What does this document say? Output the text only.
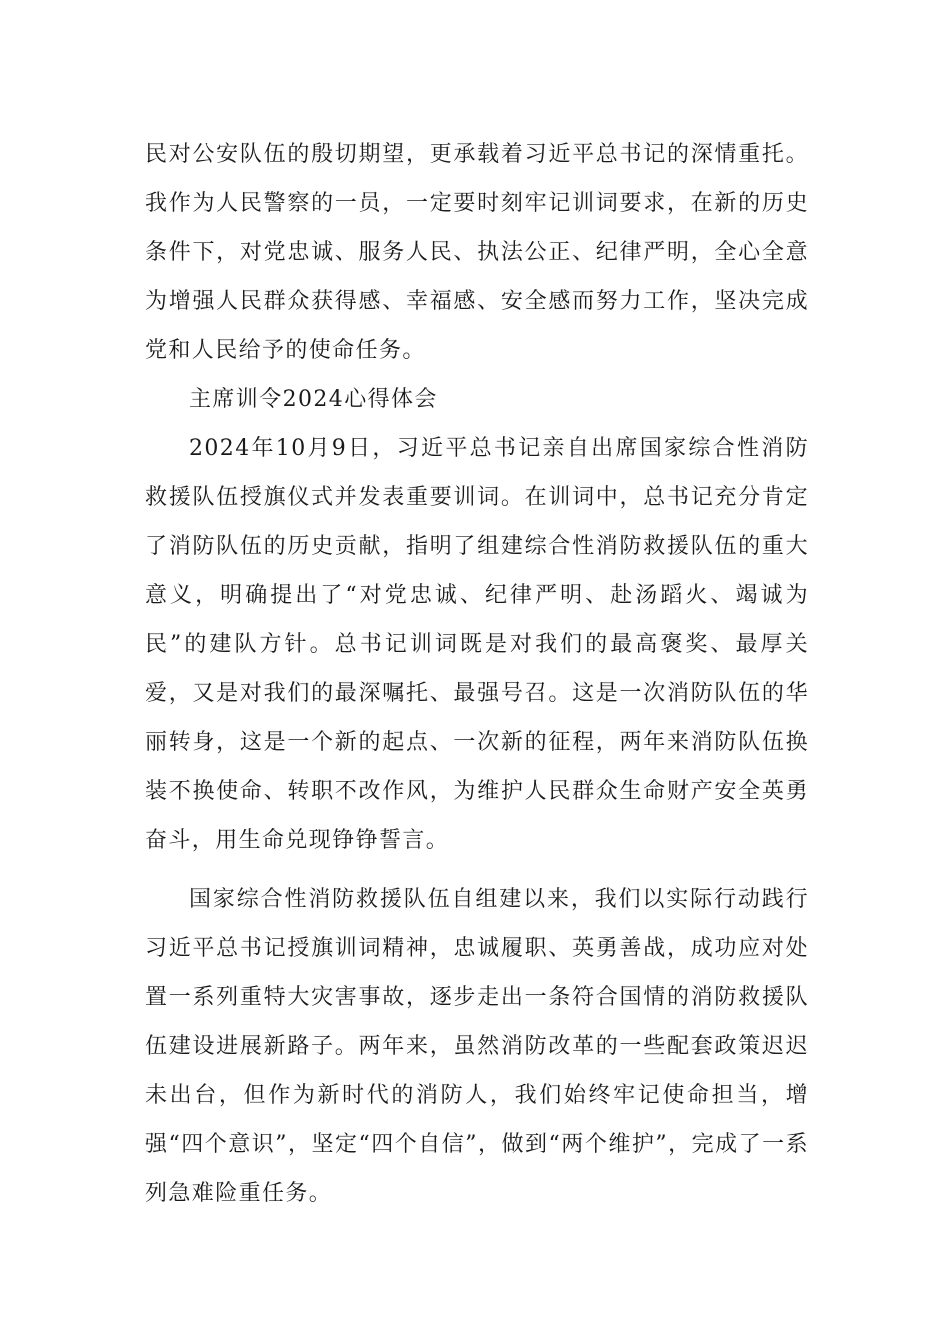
民对公安队伍的殷切期望，更承载着习近平总书记的深情重托。我作为人民警察的一员，一定要时刻牢记训词要求，在新的历史条件下，对党忠诚、服务人民、执法公正、纪律严明，全心全意为增强人民群众获得感、幸福感、安全感而努力工作，坚决完成党和人民给予的使命任务。

主席训令2024心得体会

2024年10月9日，习近平总书记亲自出席国家综合性消防救援队伍授旗仪式并发表重要训词。在训词中，总书记充分肯定了消防队伍的历史贡献，指明了组建综合性消防救援队伍的重大意义，明确提出了“对党忠诚、纪律严明、赴汤蹈火、竭诚为民”的建队方针。总书记训词既是对我们的最高褒奖、最厚关爱，又是对我们的最深嘱托、最强号召。这是一次消防队伍的华丽转身，这是一个新的起点、一次新的征程，两年来消防队伍换装不换使命、转职不改作风，为维护人民群众生命财产安全英勇奋斗，用生命兑现铮铮誓言。

国家综合性消防救援队伍自组建以来，我们以实际行动践行习近平总书记授旗训词精神，忠诚履职、英勇善战，成功应对处置一系列重特大灾害事故，逐步走出一条符合国情的消防救援队伍建设进展新路子。两年来，虽然消防改革的一些配套政策迟迟未出台，但作为新时代的消防人，我们始终牢记使命担当，增强“四个意识”，坚定“四个自信”，做到“两个维护”，完成了一系列急难险重任务。
